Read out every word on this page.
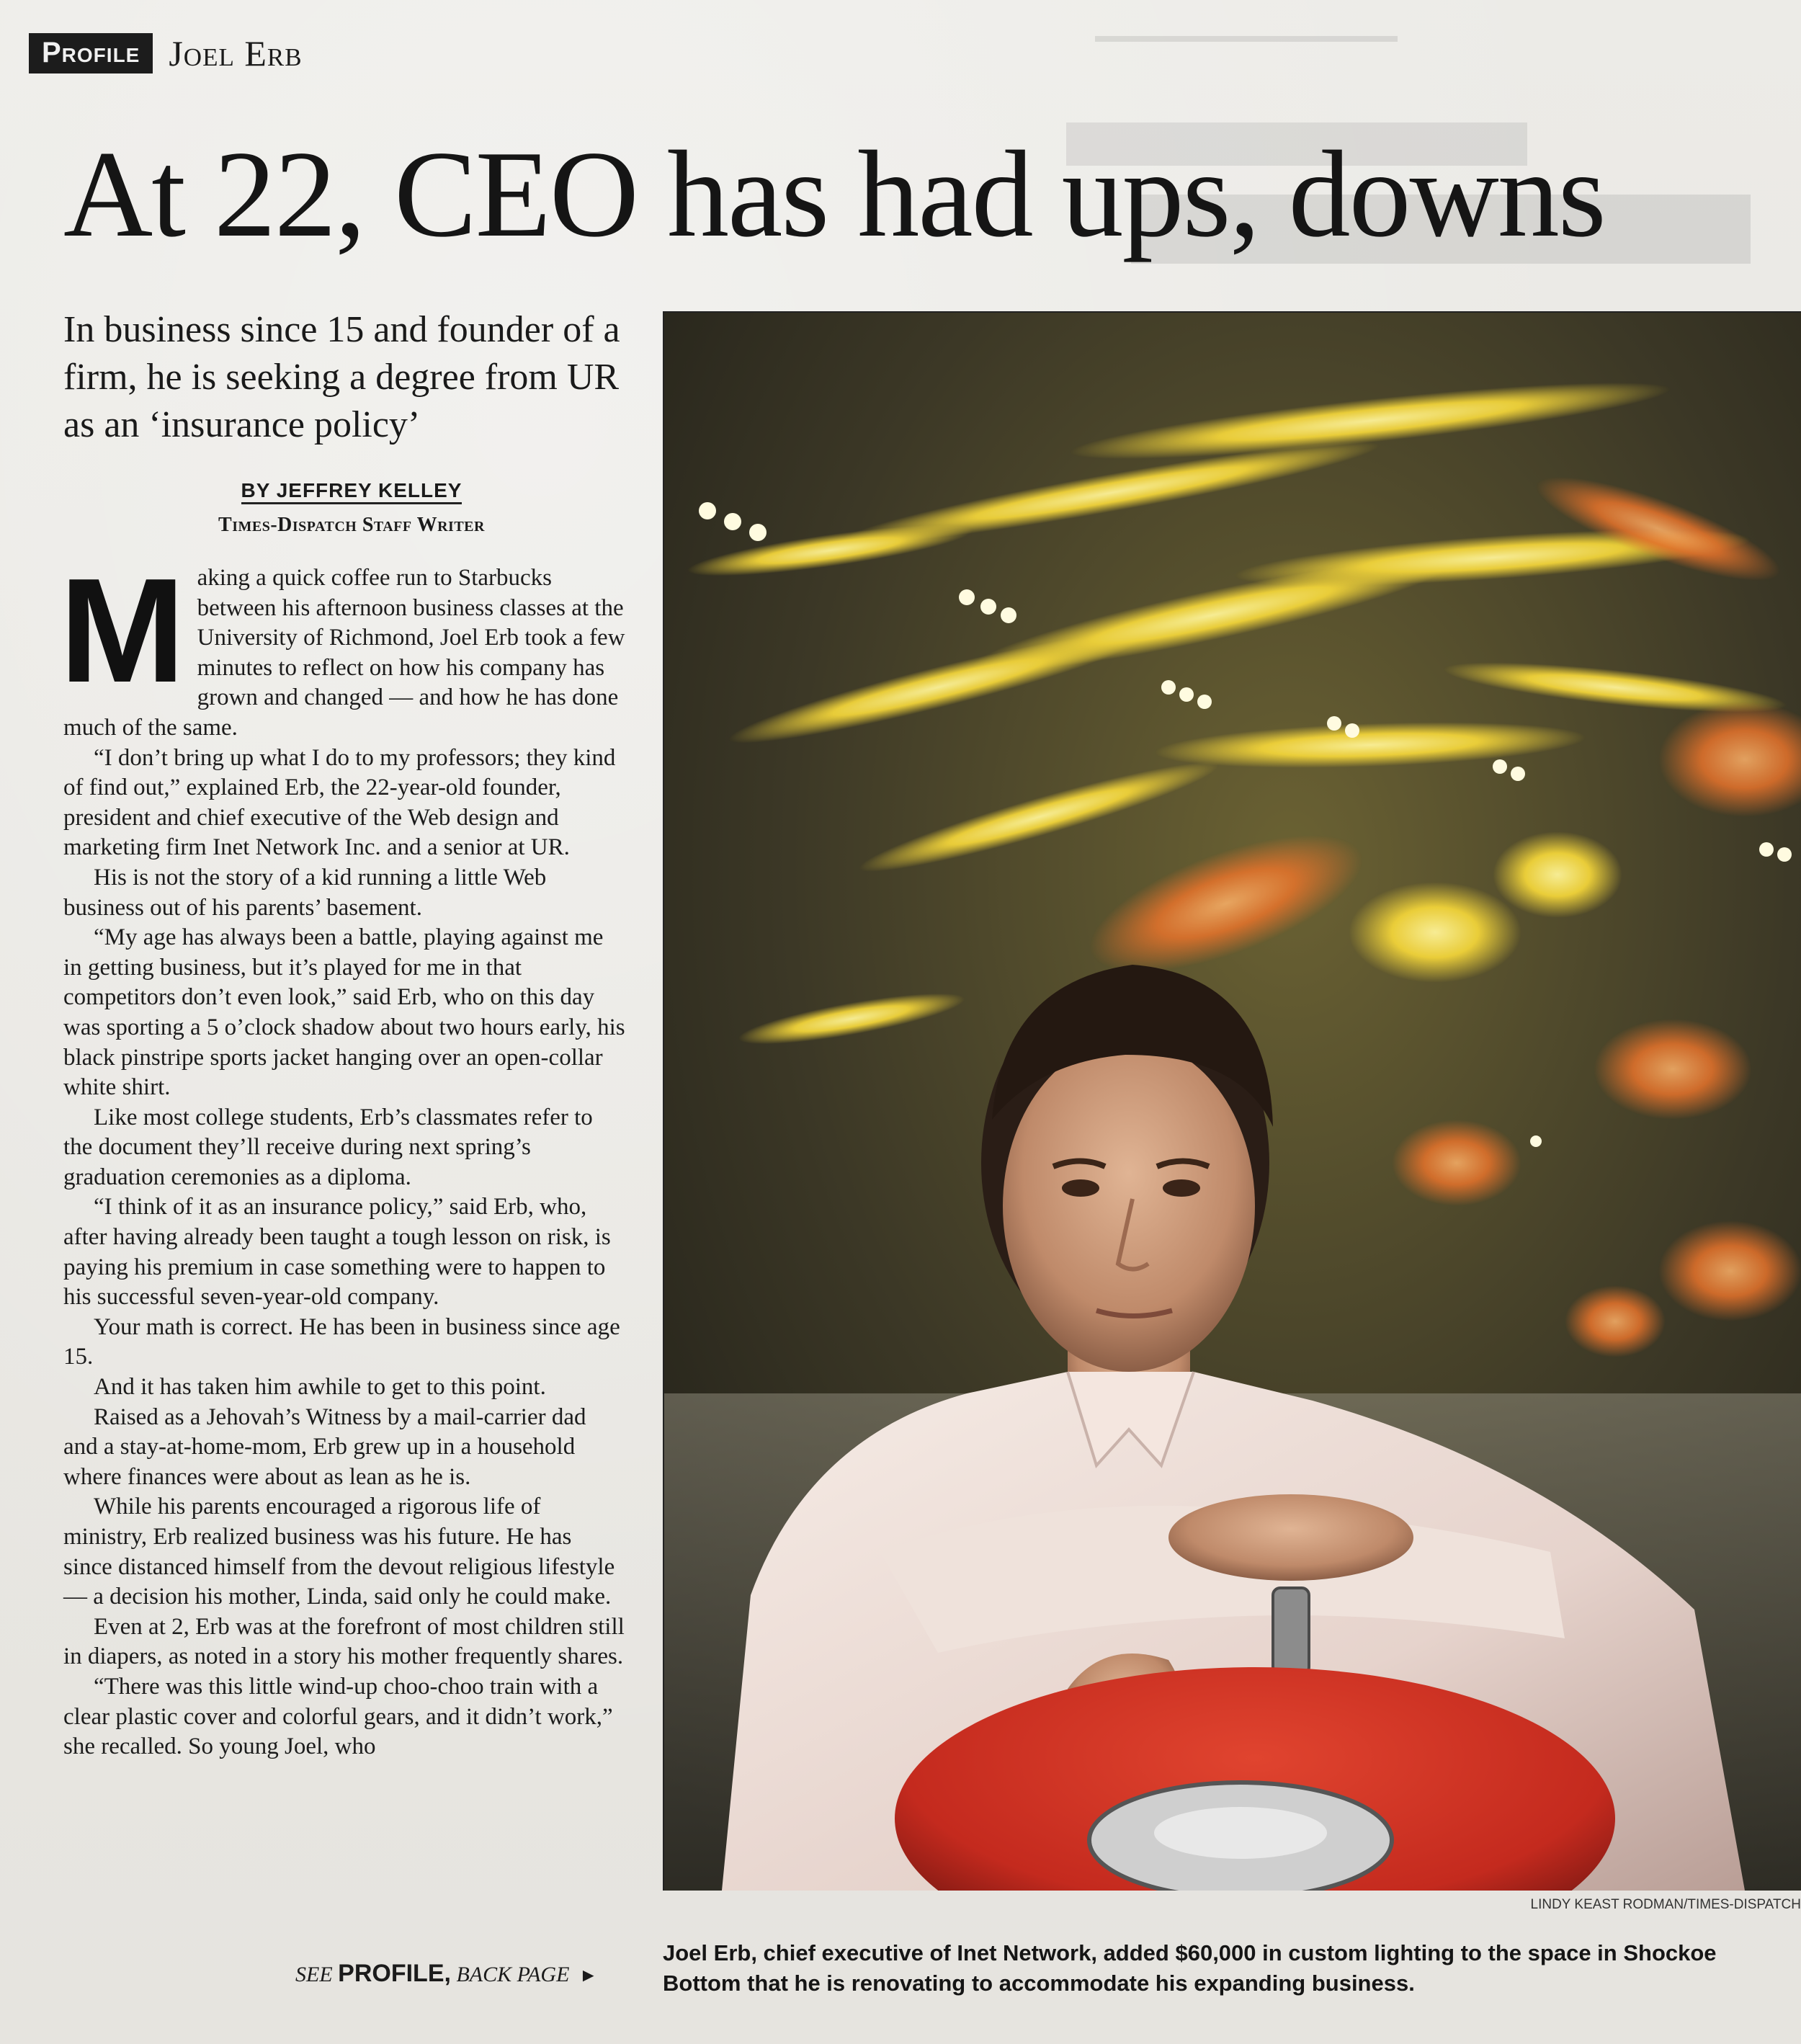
Profile Joel Erb
At 22, CEO has had ups, downs
In business since 15 and founder of a firm, he is seeking a degree from UR as an ‘insurance policy’
BY JEFFREY KELLEY
Times-Dispatch Staff Writer

Making a quick coffee run to Starbucks between his afternoon business classes at the University of Richmond, Joel Erb took a few minutes to reflect on how his company has grown and changed — and how he has done much of the same.

“I don’t bring up what I do to my professors; they kind of find out,” explained Erb, the 22-year-old founder, president and chief executive of the Web design and marketing firm Inet Network Inc. and a senior at UR.

His is not the story of a kid running a little Web business out of his parents’ basement.

“My age has always been a battle, playing against me in getting business, but it’s played for me in that competitors don’t even look,” said Erb, who on this day was sporting a 5 o’clock shadow about two hours early, his black pinstripe sports jacket hanging over an open-collar white shirt.

Like most college students, Erb’s classmates refer to the document they’ll receive during next spring’s graduation ceremonies as a diploma.

“I think of it as an insurance policy,” said Erb, who, after having already been taught a tough lesson on risk, is paying his premium in case something were to happen to his successful seven-year-old company.

Your math is correct. He has been in business since age 15.

And it has taken him awhile to get to this point.

Raised as a Jehovah’s Witness by a mail-carrier dad and a stay-at-home-mom, Erb grew up in a household where finances were about as lean as he is.

While his parents encouraged a rigorous life of ministry, Erb realized business was his future. He has since distanced himself from the devout religious lifestyle — a decision his mother, Linda, said only he could make.

Even at 2, Erb was at the forefront of most children still in diapers, as noted in a story his mother frequently shares.

“There was this little wind-up choo-choo train with a clear plastic cover and colorful gears, and it didn’t work,” she recalled. So young Joel, who

SEE PROFILE, BACK PAGE ►
LINDY KEAST RODMAN/TIMES-DISPATCH
Joel Erb, chief executive of Inet Network, added $60,000 in custom lighting to the space in Shockoe Bottom that he is renovating to accommodate his expanding business.
